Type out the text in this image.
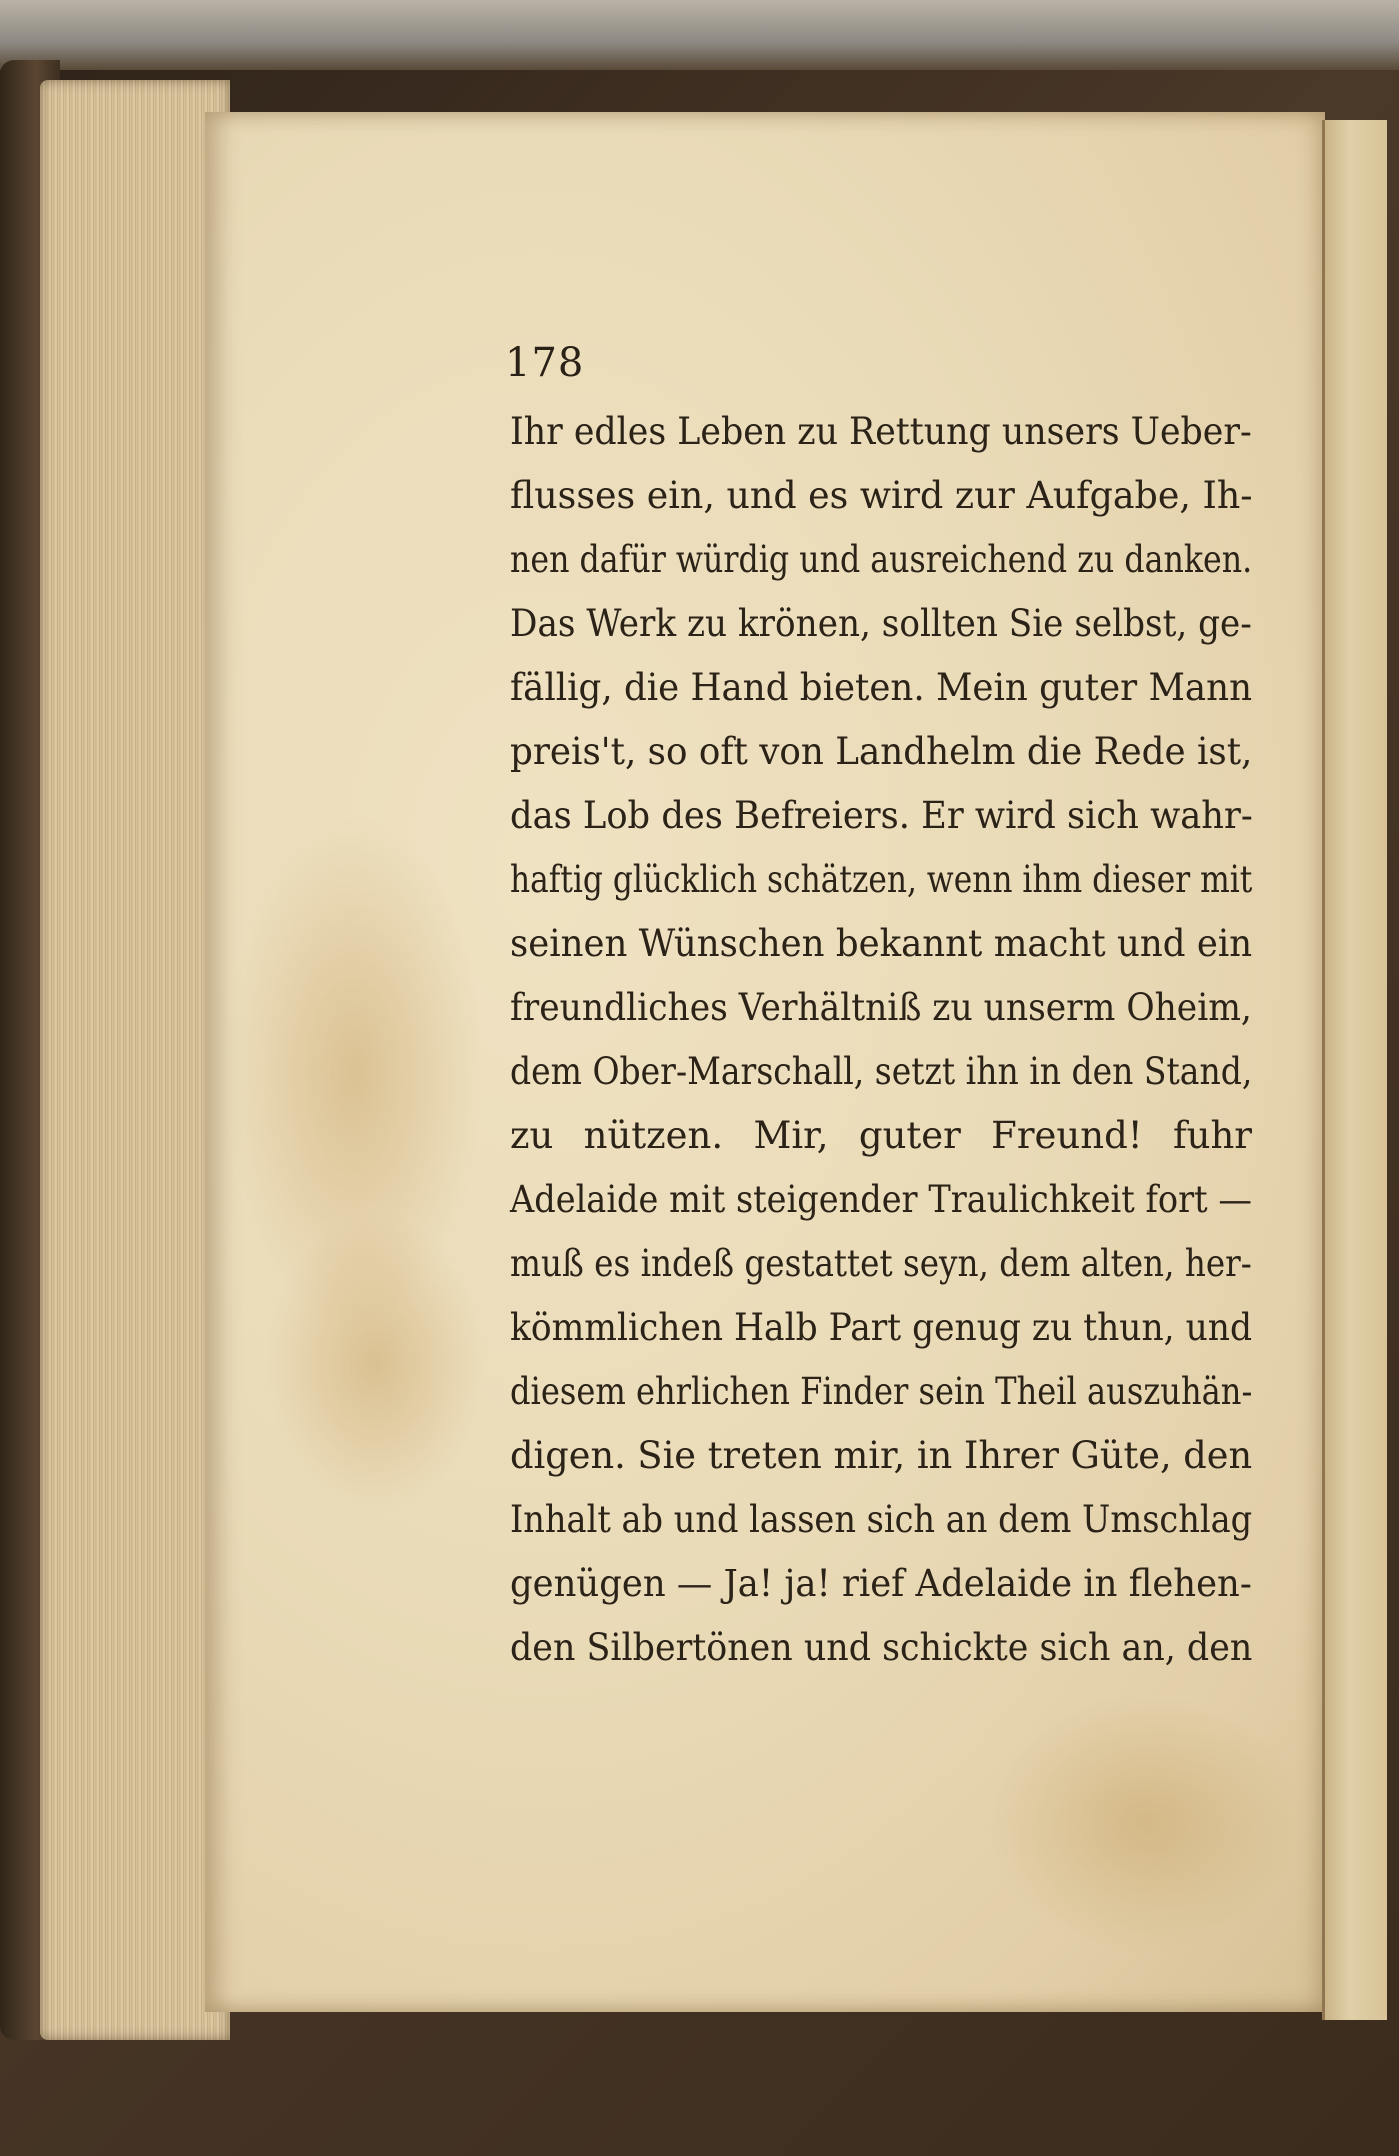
178
Ihr edles Leben zu Rettung unsers Ueber-
flusses ein, und es wird zur Aufgabe, Ih-
nen dafür würdig und ausreichend zu danken.
Das Werk zu krönen, sollten Sie selbst, ge-
fällig, die Hand bieten. Mein guter Mann
preis't, so oft von Landhelm die Rede ist,
das Lob des Befreiers. Er wird sich wahr-
haftig glücklich schätzen, wenn ihm dieser mit
seinen Wünschen bekannt macht und ein
freundliches Verhältniß zu unserm Oheim,
dem Ober-Marschall, setzt ihn in den Stand,
zu nützen. Mir, guter Freund! fuhr
Adelaide mit steigender Traulichkeit fort —
muß es indeß gestattet seyn, dem alten, her-
kömmlichen Halb Part genug zu thun, und
diesem ehrlichen Finder sein Theil auszuhän-
digen. Sie treten mir, in Ihrer Güte, den
Inhalt ab und lassen sich an dem Umschlag
genügen — Ja! ja! rief Adelaide in flehen-
den Silbertönen und schickte sich an, den
